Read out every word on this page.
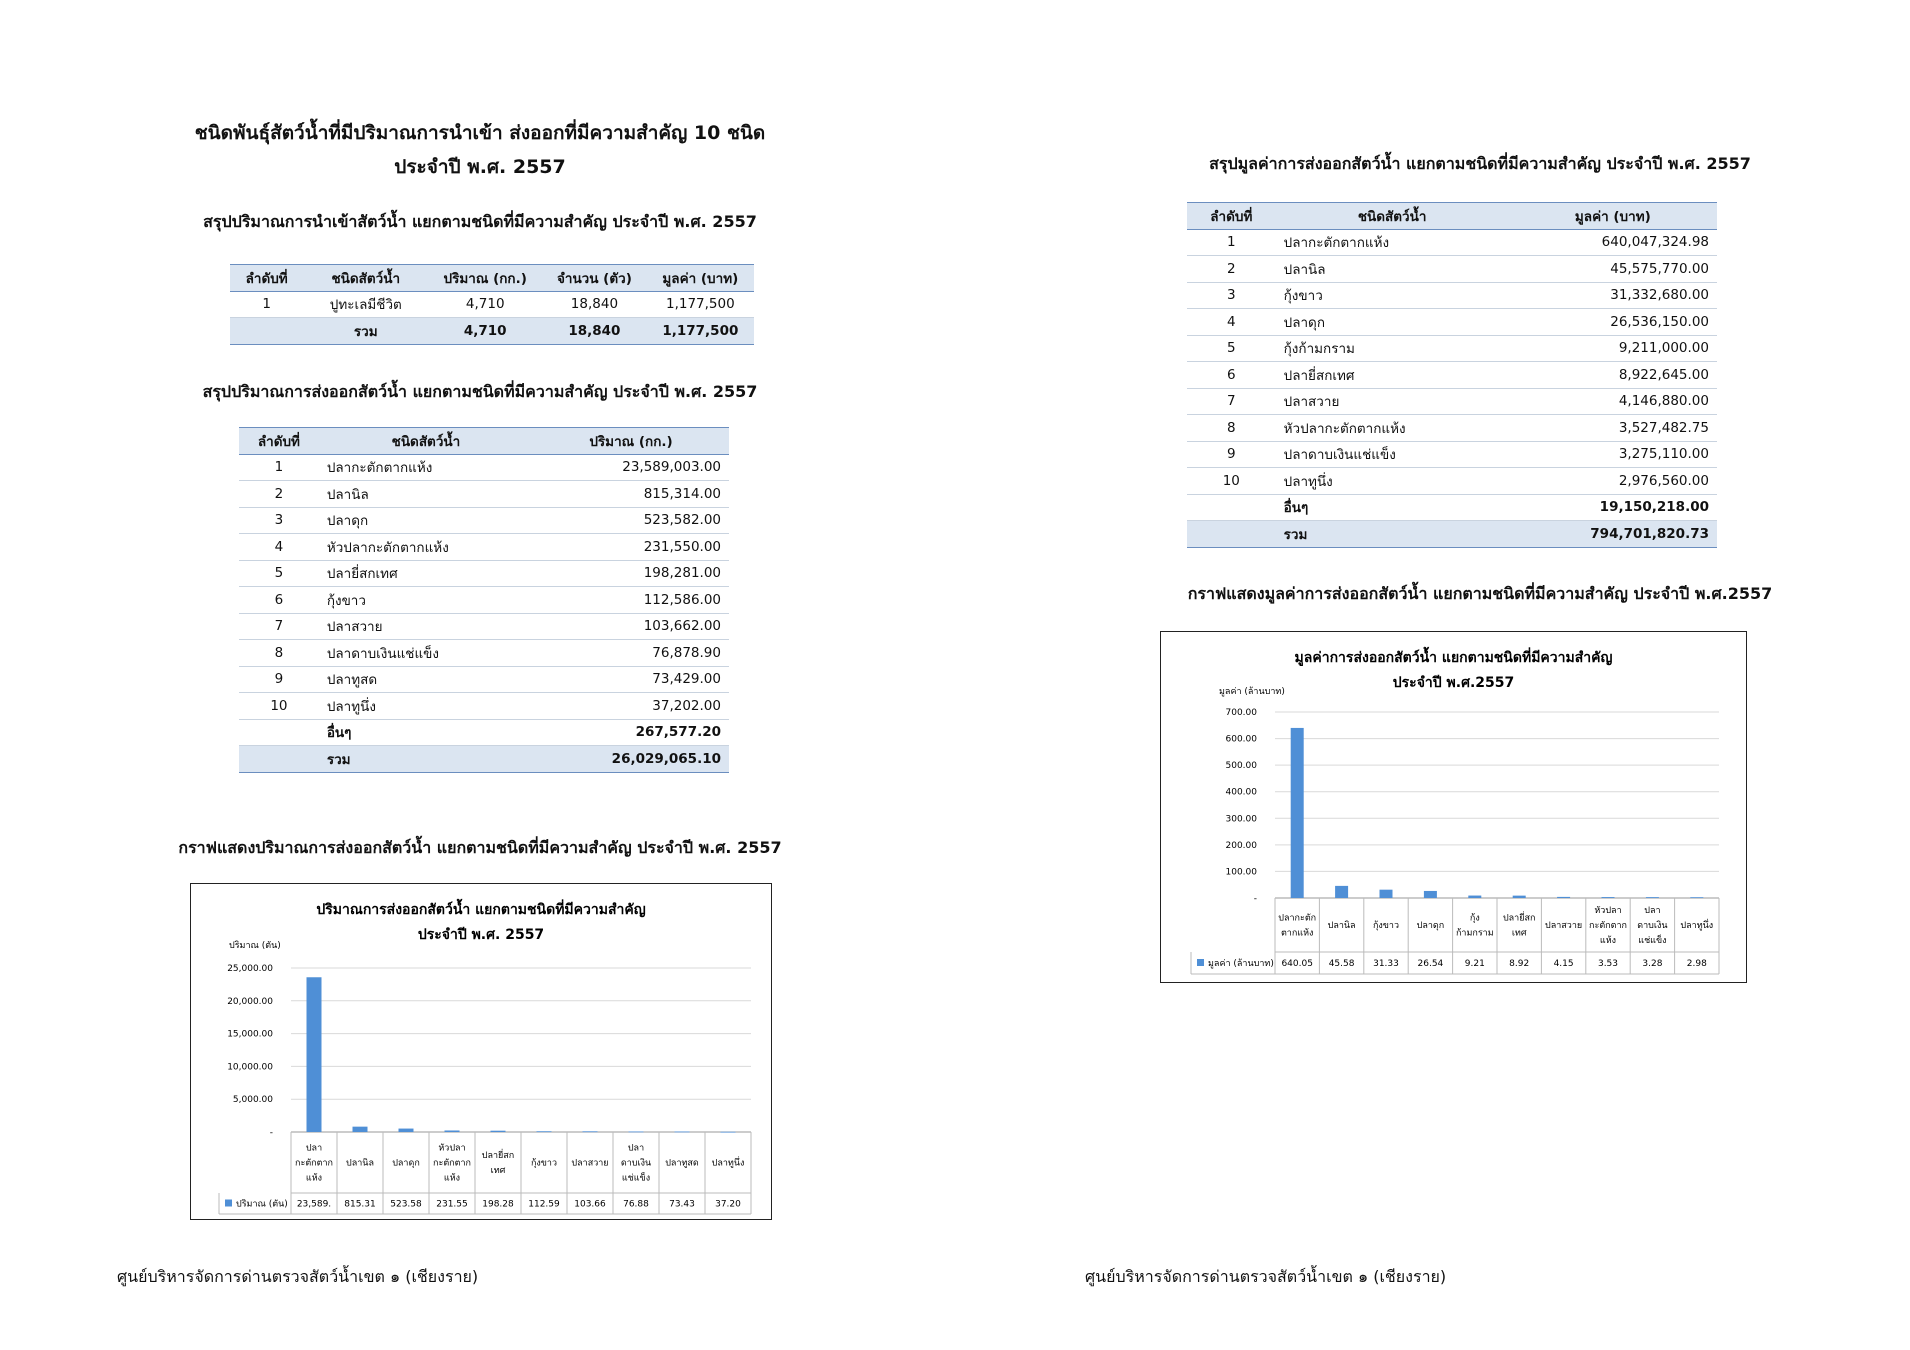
ชนิดพันธุ์สัตว์น้ำที่มีปริมาณการนำเข้า ส่งออกที่มีความสำคัญ 10 ชนิด
ประจำปี พ.ศ. 2557
สรุปปริมาณการนำเข้าสัตว์น้ำ แยกตามชนิดที่มีความสำคัญ ประจำปี พ.ศ. 2557
ลำดับที่	ชนิดสัตว์น้ำ	ปริมาณ (กก.)	จำนวน (ตัว)	มูลค่า (บาท)
1	ปูทะเลมีชีวิต	4,710	18,840	1,177,500
	รวม	4,710	18,840	1,177,500
สรุปปริมาณการส่งออกสัตว์น้ำ แยกตามชนิดที่มีความสำคัญ ประจำปี พ.ศ. 2557
ลำดับที่	ชนิดสัตว์น้ำ	ปริมาณ (กก.)
1	ปลากะตักตากแห้ง	23,589,003.00
2	ปลานิล	815,314.00
3	ปลาดุก	523,582.00
4	หัวปลากะตักตากแห้ง	231,550.00
5	ปลายี่สกเทศ	198,281.00
6	กุ้งขาว	112,586.00
7	ปลาสวาย	103,662.00
8	ปลาดาบเงินแช่แข็ง	76,878.90
9	ปลาทูสด	73,429.00
10	ปลาทูนึ่ง	37,202.00
	อื่นๆ	267,577.20
	รวม	26,029,065.10
กราฟแสดงปริมาณการส่งออกสัตว์น้ำ แยกตามชนิดที่มีความสำคัญ ประจำปี พ.ศ. 2557
ปริมาณการส่งออกสัตว์น้ำ แยกตามชนิดที่มีความสำคัญ
ประจำปี พ.ศ. 2557
ปริมาณ (ตัน)
-
5,000.00
10,000.00
15,000.00
20,000.00
25,000.00
ปลา
กะตักตาก
แห้ง
23,589.
ปลานิล
815.31
ปลาดุก
523.58
หัวปลา
กะตักตาก
แห้ง
231.55
ปลายี่สก
เทศ
198.28
กุ้งขาว
112.59
ปลาสวาย
103.66
ปลา
ดาบเงิน
แช่แข็ง
76.88
ปลาทูสด
73.43
ปลาทูนึ่ง
37.20
ปริมาณ (ตัน)
ศูนย์บริหารจัดการด่านตรวจสัตว์น้ำเขต ๑ (เชียงราย)
สรุปมูลค่าการส่งออกสัตว์น้ำ แยกตามชนิดที่มีความสำคัญ ประจำปี พ.ศ. 2557
ลำดับที่	ชนิดสัตว์น้ำ	มูลค่า (บาท)
1	ปลากะตักตากแห้ง	640,047,324.98
2	ปลานิล	45,575,770.00
3	กุ้งขาว	31,332,680.00
4	ปลาดุก	26,536,150.00
5	กุ้งก้ามกราม	9,211,000.00
6	ปลายี่สกเทศ	8,922,645.00
7	ปลาสวาย	4,146,880.00
8	หัวปลากะตักตากแห้ง	3,527,482.75
9	ปลาดาบเงินแช่แข็ง	3,275,110.00
10	ปลาทูนึ่ง	2,976,560.00
	อื่นๆ	19,150,218.00
	รวม	794,701,820.73
กราฟแสดงมูลค่าการส่งออกสัตว์น้ำ แยกตามชนิดที่มีความสำคัญ ประจำปี พ.ศ.2557
มูลค่าการส่งออกสัตว์น้ำ แยกตามชนิดที่มีความสำคัญ
ประจำปี พ.ศ.2557
มูลค่า (ล้านบาท)
-
100.00
200.00
300.00
400.00
500.00
600.00
700.00
ปลากะตัก
ตากแห้ง
640.05
ปลานิล
45.58
กุ้งขาว
31.33
ปลาดุก
26.54
กุ้ง
ก้ามกราม
9.21
ปลายี่สก
เทศ
8.92
ปลาสวาย
4.15
หัวปลา
กะตักตาก
แห้ง
3.53
ปลา
ดาบเงิน
แช่แข็ง
3.28
ปลาทูนึ่ง
2.98
มูลค่า (ล้านบาท)
ศูนย์บริหารจัดการด่านตรวจสัตว์น้ำเขต ๑ (เชียงราย)
